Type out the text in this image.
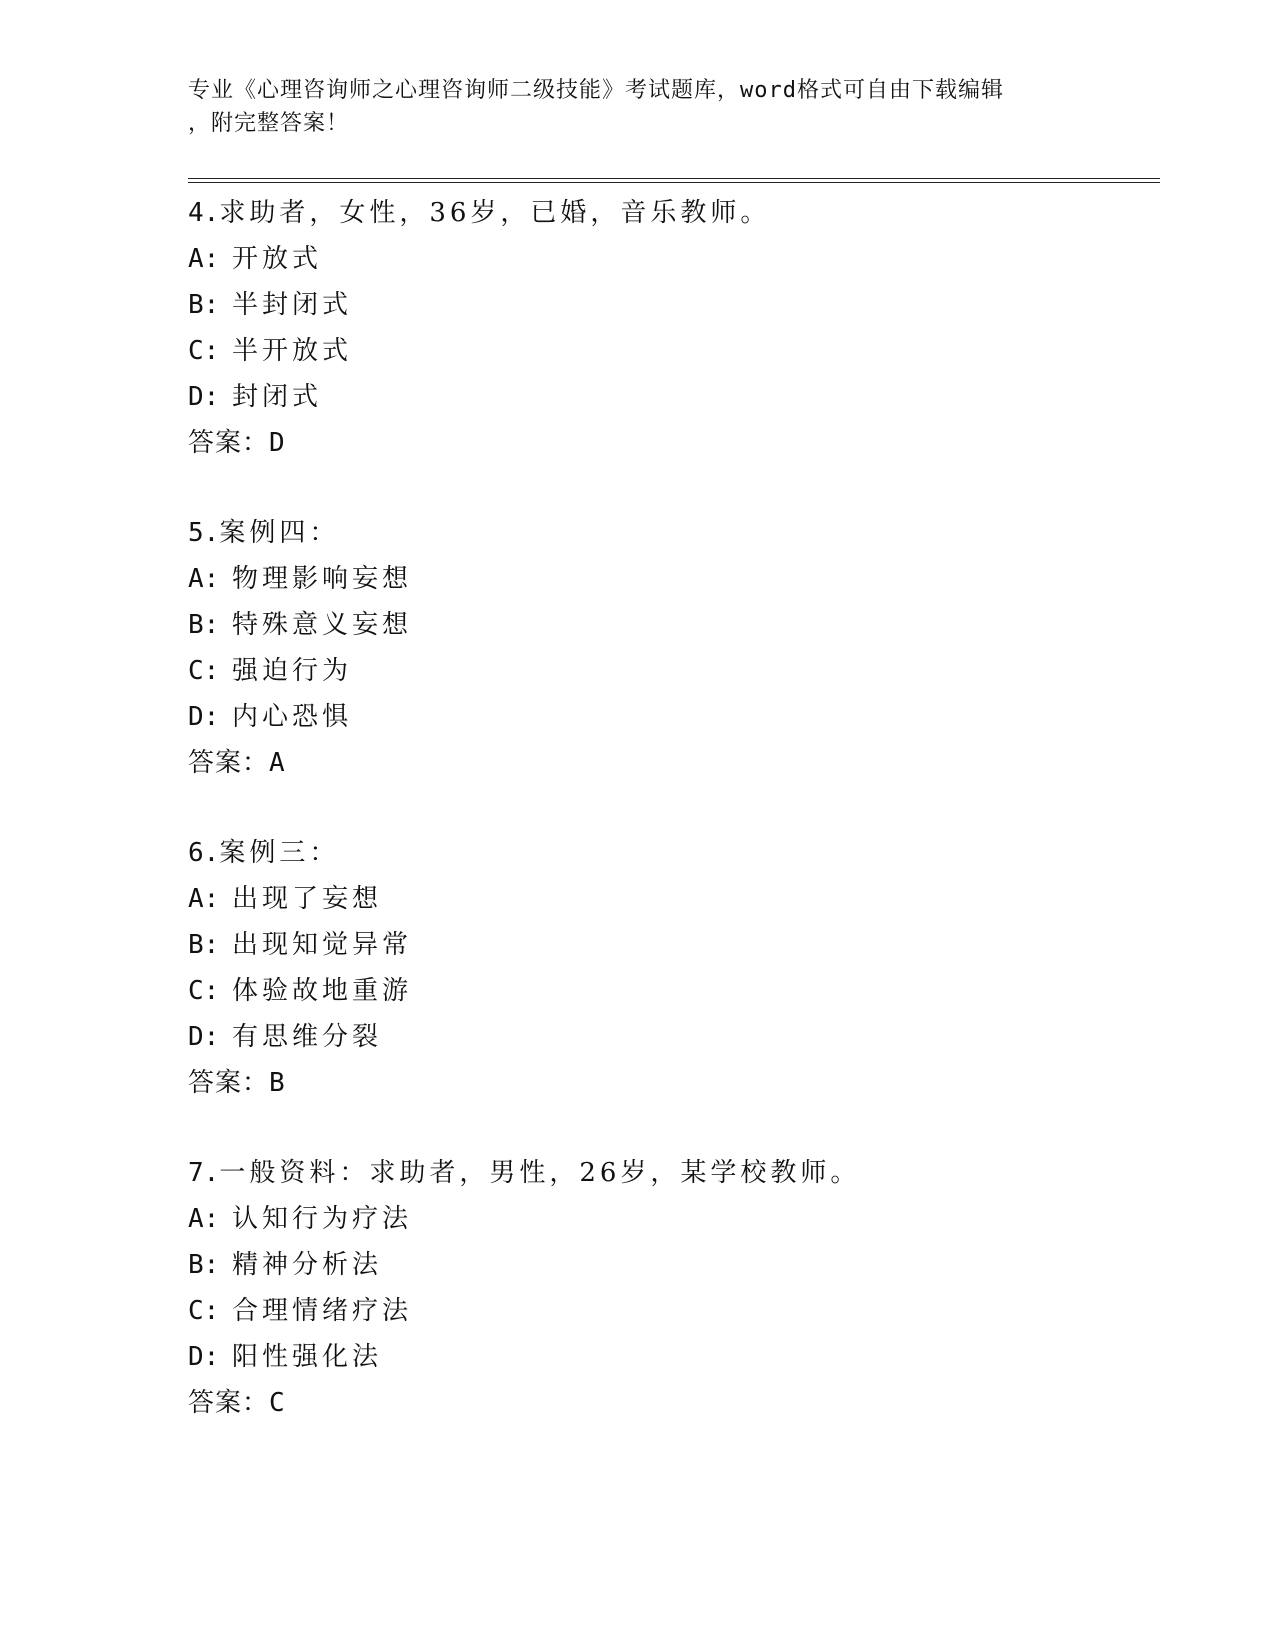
专业《心理咨询师之心理咨询师二级技能》考试题库，word格式可自由下载编辑
，附完整答案！
4.求助者，女性，36岁，已婚，音乐教师。
A: 开放式
B: 半封闭式
C: 半开放式
D: 封闭式
答案：D
5.案例四：
A: 物理影响妄想
B: 特殊意义妄想
C: 强迫行为
D: 内心恐惧
答案：A
6.案例三：
A: 出现了妄想
B: 出现知觉异常
C: 体验故地重游
D: 有思维分裂
答案：B
7.一般资料：求助者，男性，26岁，某学校教师。
A: 认知行为疗法
B: 精神分析法
C: 合理情绪疗法
D: 阳性强化法
答案：C
